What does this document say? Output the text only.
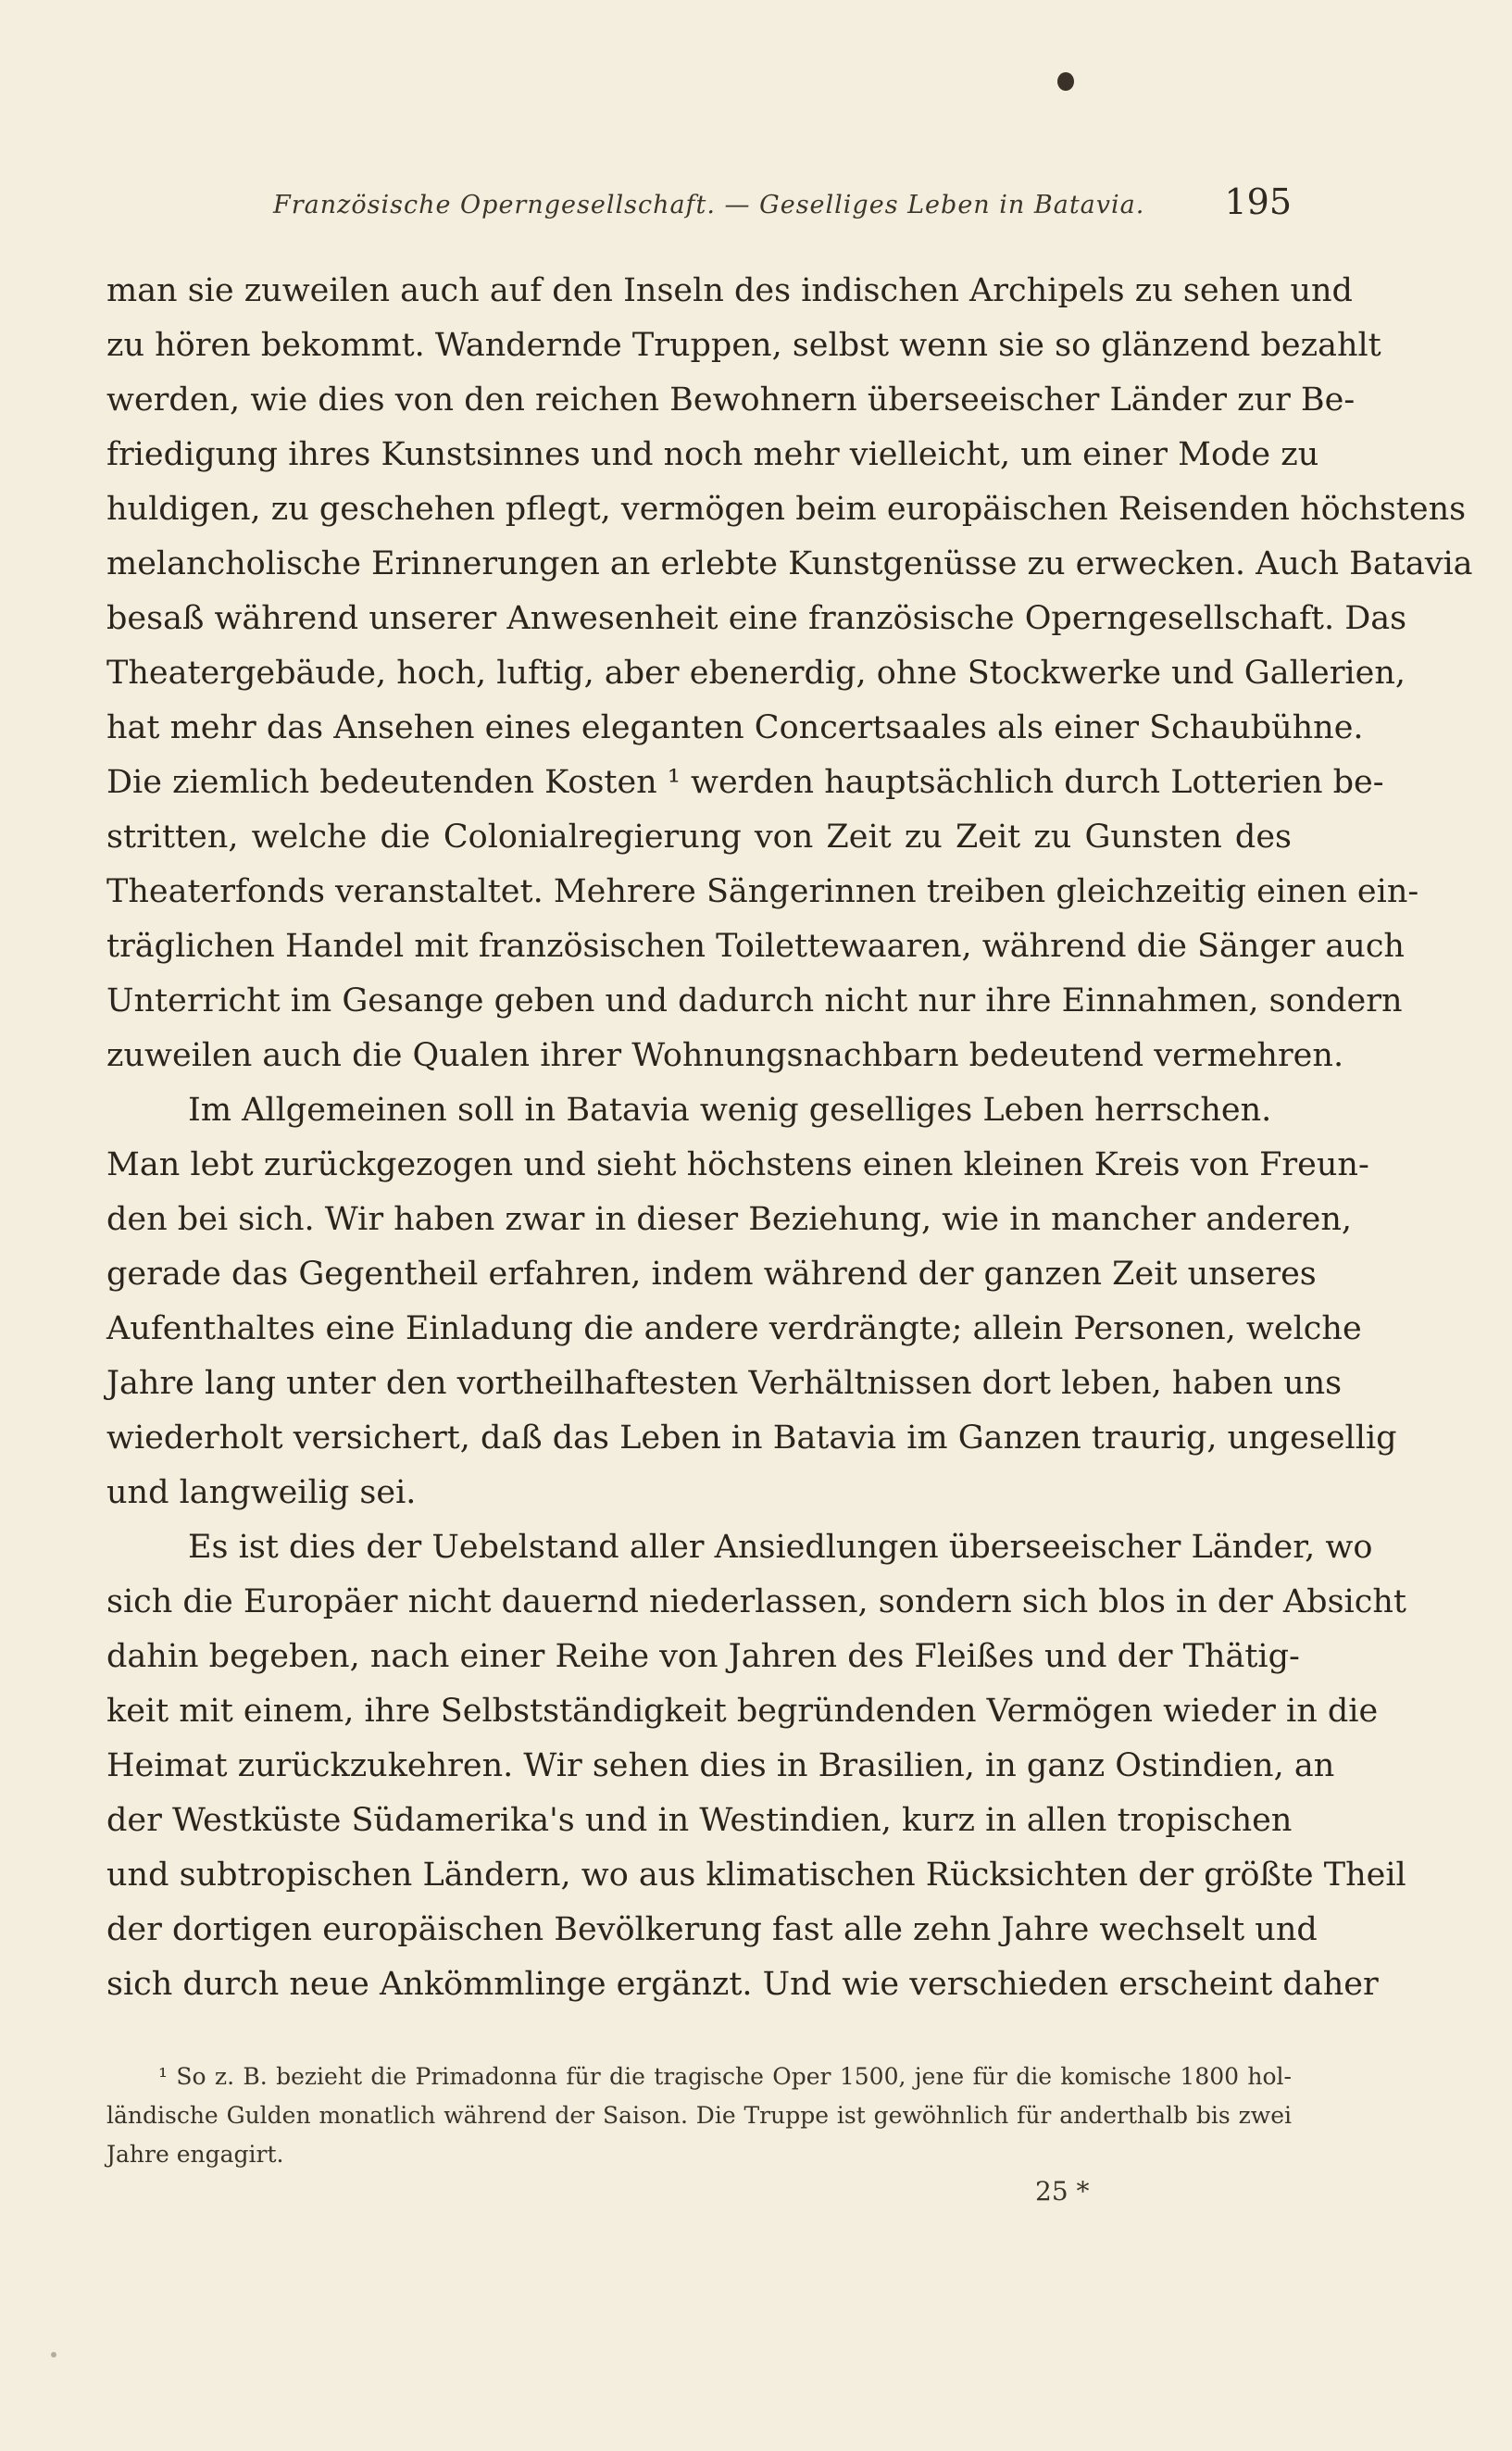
Französische Operngesellschaft. — Geselliges Leben in Batavia. 195
man sie zuweilen auch auf den Inseln des indischen Archipels zu sehen und
zu hören bekommt. Wandernde Truppen, selbst wenn sie so glänzend bezahlt
werden, wie dies von den reichen Bewohnern überseeischer Länder zur Be-
friedigung ihres Kunstsinnes und noch mehr vielleicht, um einer Mode zu
huldigen, zu geschehen pflegt, vermögen beim europäischen Reisenden höchstens
melancholische Erinnerungen an erlebte Kunstgenüsse zu erwecken. Auch Batavia
besaß während unserer Anwesenheit eine französische Operngesellschaft. Das
Theatergebäude, hoch, luftig, aber ebenerdig, ohne Stockwerke und Gallerien,
hat mehr das Ansehen eines eleganten Concertsaales als einer Schaubühne.
Die ziemlich bedeutenden Kosten ¹ werden hauptsächlich durch Lotterien be-
stritten, welche die Colonialregierung von Zeit zu Zeit zu Gunsten des
Theaterfonds veranstaltet. Mehrere Sängerinnen treiben gleichzeitig einen ein-
träglichen Handel mit französischen Toilettewaaren, während die Sänger auch
Unterricht im Gesange geben und dadurch nicht nur ihre Einnahmen, sondern
zuweilen auch die Qualen ihrer Wohnungsnachbarn bedeutend vermehren.
Im Allgemeinen soll in Batavia wenig geselliges Leben herrschen.
Man lebt zurückgezogen und sieht höchstens einen kleinen Kreis von Freun-
den bei sich. Wir haben zwar in dieser Beziehung, wie in mancher anderen,
gerade das Gegentheil erfahren, indem während der ganzen Zeit unseres
Aufenthaltes eine Einladung die andere verdrängte; allein Personen, welche
Jahre lang unter den vortheilhaftesten Verhältnissen dort leben, haben uns
wiederholt versichert, daß das Leben in Batavia im Ganzen traurig, ungesellig
und langweilig sei.
Es ist dies der Uebelstand aller Ansiedlungen überseeischer Länder, wo
sich die Europäer nicht dauernd niederlassen, sondern sich blos in der Absicht
dahin begeben, nach einer Reihe von Jahren des Fleißes und der Thätig-
keit mit einem, ihre Selbstständigkeit begründenden Vermögen wieder in die
Heimat zurückzukehren. Wir sehen dies in Brasilien, in ganz Ostindien, an
der Westküste Südamerika's und in Westindien, kurz in allen tropischen
und subtropischen Ländern, wo aus klimatischen Rücksichten der größte Theil
der dortigen europäischen Bevölkerung fast alle zehn Jahre wechselt und
sich durch neue Ankömmlinge ergänzt. Und wie verschieden erscheint daher
¹ So z. B. bezieht die Primadonna für die tragische Oper 1500, jene für die komische 1800 hol-
ländische Gulden monatlich während der Saison. Die Truppe ist gewöhnlich für anderthalb bis zwei
Jahre engagirt.
25 *
